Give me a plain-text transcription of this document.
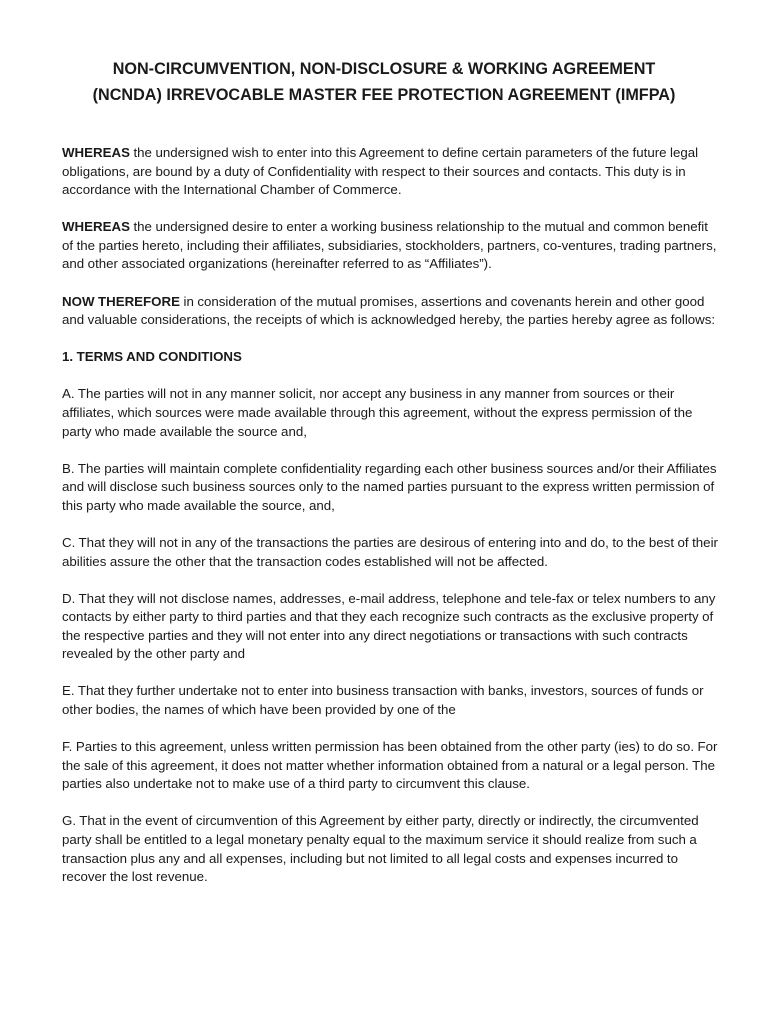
NON-CIRCUMVENTION, NON-DISCLOSURE & WORKING AGREEMENT
(NCNDA) IRREVOCABLE MASTER FEE PROTECTION AGREEMENT (IMFPA)

WHEREAS the undersigned wish to enter into this Agreement to define certain parameters of the future legal obligations, are bound by a duty of Confidentiality with respect to their sources and contacts. This duty is in accordance with the International Chamber of Commerce.

WHEREAS the undersigned desire to enter a working business relationship to the mutual and common benefit of the parties hereto, including their affiliates, subsidiaries, stockholders, partners, co-ventures, trading partners, and other associated organizations (hereinafter referred to as “Affiliates”).

NOW THEREFORE in consideration of the mutual promises, assertions and covenants herein and other good and valuable considerations, the receipts of which is acknowledged hereby, the parties hereby agree as follows:

1. TERMS AND CONDITIONS

A. The parties will not in any manner solicit, nor accept any business in any manner from sources or their affiliates, which sources were made available through this agreement, without the express permission of the party who made available the source and,

B. The parties will maintain complete confidentiality regarding each other business sources and/or their Affiliates and will disclose such business sources only to the named parties pursuant to the express written permission of this party who made available the source, and,

C. That they will not in any of the transactions the parties are desirous of entering into and do, to the best of their abilities assure the other that the transaction codes established will not be affected.

D. That they will not disclose names, addresses, e-mail address, telephone and tele-fax or telex numbers to any contacts by either party to third parties and that they each recognize such contracts as the exclusive property of the respective parties and they will not enter into any direct negotiations or transactions with such contracts revealed by the other party and

E. That they further undertake not to enter into business transaction with banks, investors, sources of funds or other bodies, the names of which have been provided by one of the

F. Parties to this agreement, unless written permission has been obtained from the other party (ies) to do so. For the sale of this agreement, it does not matter whether information obtained from a natural or a legal person. The parties also undertake not to make use of a third party to circumvent this clause.

G. That in the event of circumvention of this Agreement by either party, directly or indirectly, the circumvented party shall be entitled to a legal monetary penalty equal to the maximum service it should realize from such a transaction plus any and all expenses, including but not limited to all legal costs and expenses incurred to recover the lost revenue.
